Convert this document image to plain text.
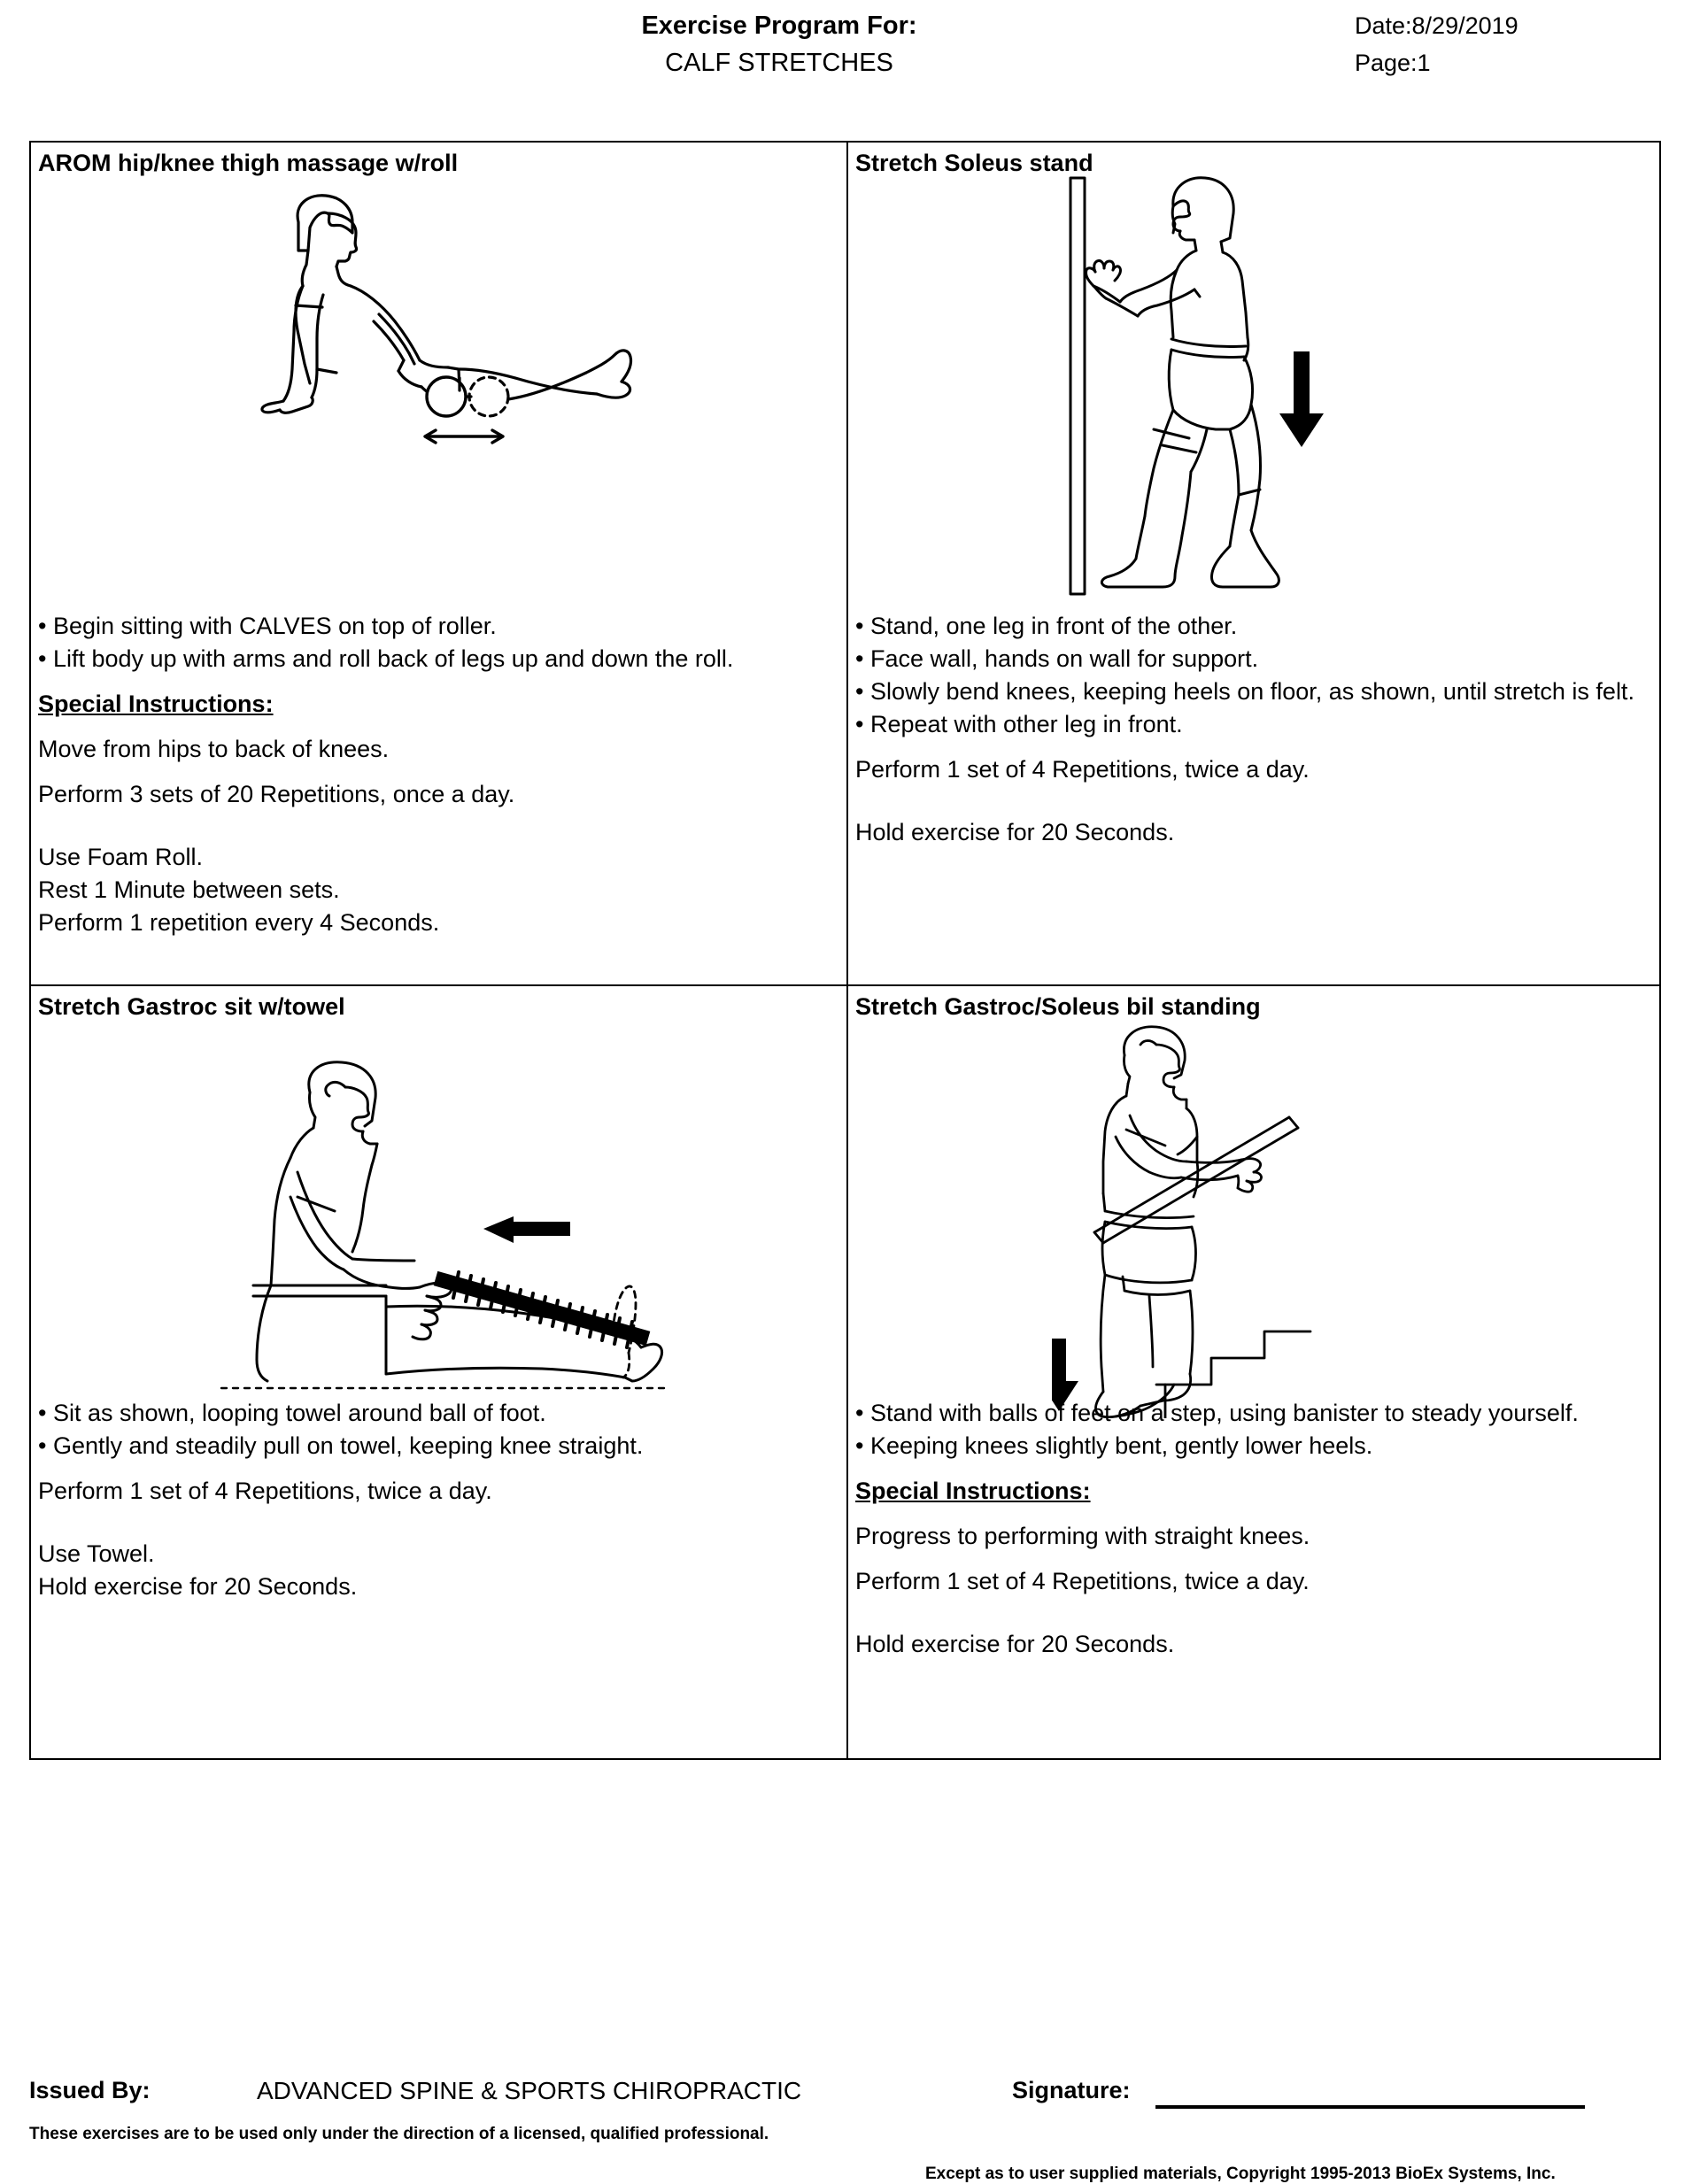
Exercise Program For:
CALF STRETCHES
Date:8/29/2019
Page:1
AROM hip/knee thigh massage w/roll

• Begin sitting with CALVES on top of roller.

• Lift body up with arms and roll back of legs up and down the roll.

Special Instructions:

Move from hips to back of knees.

Perform 3 sets of 20 Repetitions, once a day.

Use Foam Roll.

Rest 1 Minute between sets.

Perform 1 repetition every 4 Seconds.

Stretch Soleus stand

• Stand, one leg in front of the other.

• Face wall, hands on wall for support.

• Slowly bend knees, keeping heels on floor, as shown, until stretch is felt.

• Repeat with other leg in front.

Perform 1 set of 4 Repetitions, twice a day.

Hold exercise for 20 Seconds.

Stretch Gastroc sit w/towel

• Sit as shown, looping towel around ball of foot.

• Gently and steadily pull on towel, keeping knee straight.

Perform 1 set of 4 Repetitions, twice a day.

Use Towel.

Hold exercise for 20 Seconds.

Stretch Gastroc/Soleus bil standing

• Stand with balls of feet on a step, using banister to steady yourself.

• Keeping knees slightly bent, gently lower heels.

Special Instructions:

Progress to performing with straight knees.

Perform 1 set of 4 Repetitions, twice a day.

Hold exercise for 20 Seconds.

Issued By:	ADVANCED SPINE & SPORTS CHIROPRACTIC
These exercises are to be used only under the direction of a licensed, qualified professional.
Signature:
Except as to user supplied materials, Copyright 1995-2013 BioEx Systems, Inc.
